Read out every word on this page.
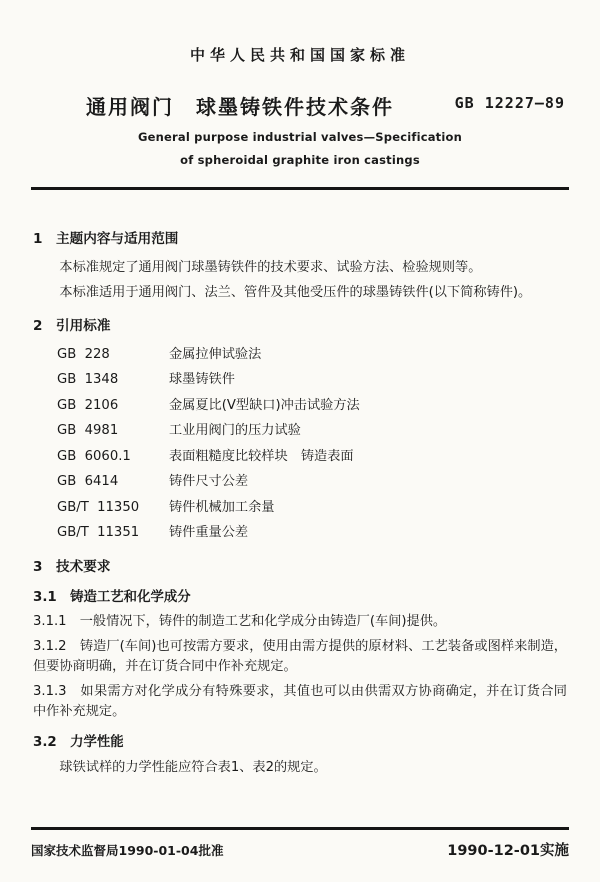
中华人民共和国国家标准
通用阀门　球墨铸铁件技术条件	GB 12227—89
General purpose industrial valves—Specification
of spheroidal graphite iron castings
1　主题内容与适用范围

本标准规定了通用阀门球墨铸铁件的技术要求、试验方法、检验规则等。

本标准适用于通用阀门、法兰、管件及其他受压件的球墨铸铁件(以下简称铸件)。

2　引用标准
GB  228	金属拉伸试验法
GB  1348	球墨铸铁件
GB  2106	金属夏比(V型缺口)冲击试验方法
GB  4981	工业用阀门的压力试验
GB  6060.1	表面粗糙度比较样块　铸造表面
GB  6414	铸件尺寸公差
GB/T  11350	铸件机械加工余量
GB/T  11351	铸件重量公差
3　技术要求
3.1　铸造工艺和化学成分

3.1.1　一般情况下，铸件的制造工艺和化学成分由铸造厂(车间)提供。

3.1.2　铸造厂(车间)也可按需方要求，使用由需方提供的原材料、工艺装备或图样来制造，但要协商明确，并在订货合同中作补充规定。

3.1.3　如果需方对化学成分有特殊要求，其值也可以由供需双方协商确定，并在订货合同中作补充规定。

3.2　力学性能

球铁试样的力学性能应符合表1、表2的规定。

国家技术监督局1990-01-04批准	1990-12-01实施
